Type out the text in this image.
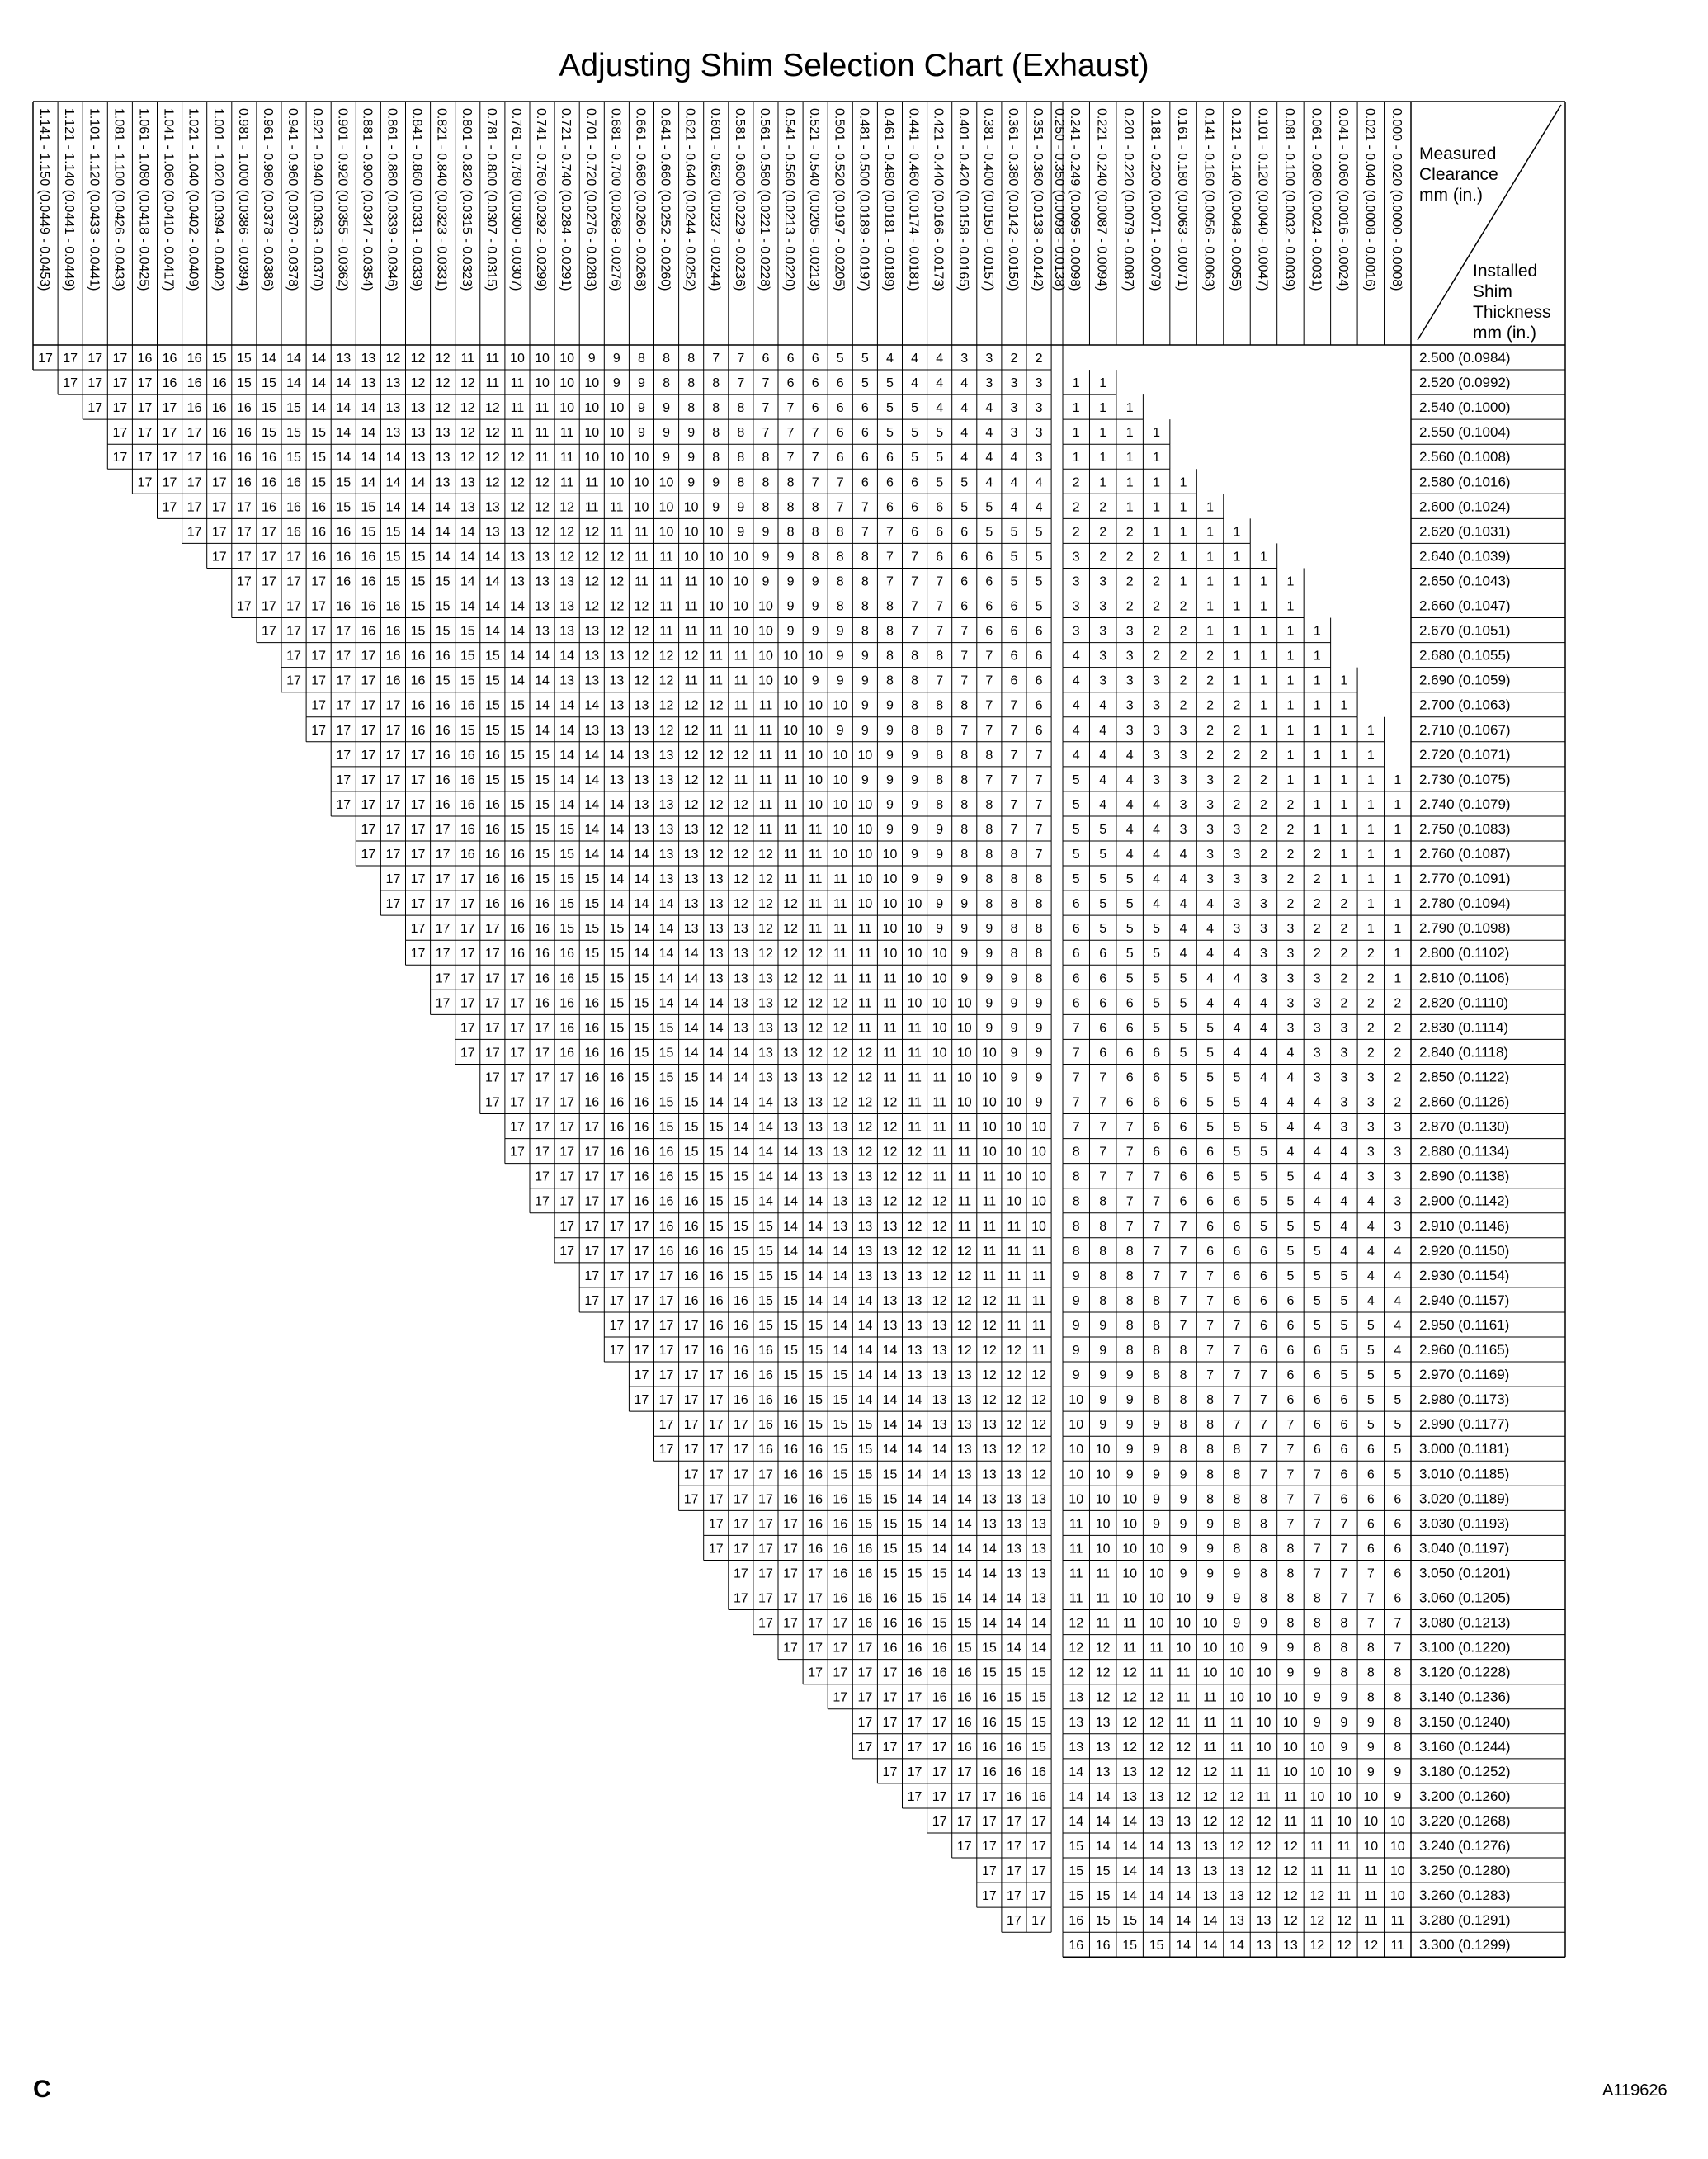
Adjusting Shim Selection Chart (Exhaust)
Measured
Clearance
mm (in.)
Installed
Shim
Thickness
mm (in.)
1.141 - 1.150 (0.0449 - 0.0453) 1.121 - 1.140 (0.0441 - 0.0449) 1.101 - 1.120 (0.0433 - 0.0441) 1.081 - 1.100 (0.0426 - 0.0433) 1.061 - 1.080 (0.0418 - 0.0425) 1.041 - 1.060 (0.0410 - 0.0417) 1.021 - 1.040 (0.0402 - 0.0409) 1.001 - 1.020 (0.0394 - 0.0402) 0.981 - 1.000 (0.0386 - 0.0394) 0.961 - 0.980 (0.0378 - 0.0386) 0.941 - 0.960 (0.0370 - 0.0378) 0.921 - 0.940 (0.0363 - 0.0370) 0.901 - 0.920 (0.0355 - 0.0362) 0.881 - 0.900 (0.0347 - 0.0354) 0.861 - 0.880 (0.0339 - 0.0346) 0.841 - 0.860 (0.0331 - 0.0339) 0.821 - 0.840 (0.0323 - 0.0331) 0.801 - 0.820 (0.0315 - 0.0323) 0.781 - 0.800 (0.0307 - 0.0315) 0.761 - 0.780 (0.0300 - 0.0307) 0.741 - 0.760 (0.0292 - 0.0299) 0.721 - 0.740 (0.0284 - 0.0291) 0.701 - 0.720 (0.0276 - 0.0283) 0.681 - 0.700 (0.0268 - 0.0276) 0.661 - 0.680 (0.0260 - 0.0268) 0.641 - 0.660 (0.0252 - 0.0260) 0.621 - 0.640 (0.0244 - 0.0252) 0.601 - 0.620 (0.0237 - 0.0244) 0.581 - 0.600 (0.0229 - 0.0236) 0.561 - 0.580 (0.0221 - 0.0228) 0.541 - 0.560 (0.0213 - 0.0220) 0.521 - 0.540 (0.0205 - 0.0213) 0.501 - 0.520 (0.0197 - 0.0205) 0.481 - 0.500 (0.0189 - 0.0197) 0.461 - 0.480 (0.0181 - 0.0189) 0.441 - 0.460 (0.0174 - 0.0181) 0.421 - 0.440 (0.0166 - 0.0173) 0.401 - 0.420 (0.0158 - 0.0165) 0.381 - 0.400 (0.0150 - 0.0157) 0.361 - 0.380 (0.0142 - 0.0150) 0.351 - 0.360 (0.0138 - 0.0142) 0.250 - 0.350 (0.0098 - 0.0138) 0.241 - 0.249 (0.0095 - 0.0098) 0.221 - 0.240 (0.0087 - 0.0094) 0.201 - 0.220 (0.0079 - 0.0087) 0.181 - 0.200 (0.0071 - 0.0079) 0.161 - 0.180 (0.0063 - 0.0071) 0.141 - 0.160 (0.0056 - 0.0063) 0.121 - 0.140 (0.0048 - 0.0055) 0.101 - 0.120 (0.0040 - 0.0047) 0.081 - 0.100 (0.0032 - 0.0039) 0.061 - 0.080 (0.0024 - 0.0031) 0.041 - 0.060 (0.0016 - 0.0024) 0.021 - 0.040 (0.0008 - 0.0016) 0.000 - 0.020 (0.0000 - 0.0008)
2.500 (0.0984)
17 17 17 17 16 16 16 15 15 14 14 14 13 13 12 12 12 11 11 10 10 10 9 9 8 8 8 7 7 6 6 6 5 5 4 4 4 3 3 2 2
2.520 (0.0992)
17 17 17 17 16 16 16 15 15 14 14 14 13 13 12 12 12 11 11 10 10 10 9 9 8 8 8 7 7 6 6 6 5 5 4 4 4 3 3 3 1 1
2.540 (0.1000)
17 17 17 17 16 16 16 15 15 14 14 14 13 13 12 12 12 11 11 10 10 10 9 9 8 8 8 7 7 6 6 6 5 5 4 4 4 3 3 1 1 1
2.550 (0.1004)
17 17 17 17 16 16 15 15 15 14 14 13 13 13 12 12 11 11 11 10 10 9 9 9 8 8 7 7 7 6 6 5 5 5 4 4 3 3 1 1 1 1
2.560 (0.1008)
17 17 17 17 16 16 16 15 15 14 14 14 13 13 12 12 12 11 11 10 10 10 9 9 8 8 8 7 7 6 6 6 5 5 4 4 4 3 1 1 1 1
2.580 (0.1016)
17 17 17 17 16 16 16 15 15 14 14 14 13 13 12 12 12 11 11 10 10 10 9 9 8 8 8 7 7 6 6 6 5 5 4 4 4 2 1 1 1 1
2.600 (0.1024)
17 17 17 17 16 16 16 15 15 14 14 14 13 13 12 12 12 11 11 10 10 10 9 9 8 8 8 7 7 6 6 6 5 5 4 4 2 2 1 1 1 1
2.620 (0.1031)
17 17 17 17 16 16 16 15 15 14 14 14 13 13 12 12 12 11 11 10 10 10 9 9 8 8 8 7 7 6 6 6 5 5 5 2 2 2 1 1 1 1
2.640 (0.1039)
17 17 17 17 16 16 16 15 15 14 14 14 13 13 12 12 12 11 11 10 10 10 9 9 8 8 8 7 7 6 6 6 5 5 3 2 2 2 1 1 1 1
2.650 (0.1043)
17 17 17 17 16 16 15 15 15 14 14 13 13 13 12 12 11 11 11 10 10 9 9 9 8 8 7 7 7 6 6 5 5 3 3 2 2 1 1 1 1 1
2.660 (0.1047)
17 17 17 17 16 16 16 15 15 14 14 14 13 13 12 12 12 11 11 10 10 10 9 9 8 8 8 7 7 6 6 6 5 3 3 2 2 2 1 1 1 1
2.670 (0.1051)
17 17 17 17 16 16 15 15 15 14 14 13 13 13 12 12 11 11 11 10 10 9 9 9 8 8 7 7 7 6 6 6 3 3 3 2 2 1 1 1 1 1
2.680 (0.1055)
17 17 17 17 16 16 16 15 15 14 14 14 13 13 12 12 12 11 11 10 10 10 9 9 8 8 8 7 7 6 6 4 3 3 2 2 2 1 1 1 1
2.690 (0.1059)
17 17 17 17 16 16 15 15 15 14 14 13 13 13 12 12 11 11 11 10 10 9 9 9 8 8 7 7 7 6 6 4 3 3 3 2 2 1 1 1 1 1
2.700 (0.1063)
17 17 17 17 16 16 16 15 15 14 14 14 13 13 12 12 12 11 11 10 10 10 9 9 8 8 8 7 7 6 4 4 3 3 2 2 2 1 1 1 1
2.710 (0.1067)
17 17 17 17 16 16 15 15 15 14 14 13 13 13 12 12 11 11 11 10 10 9 9 9 8 8 7 7 7 6 4 4 3 3 3 2 2 1 1 1 1 1
2.720 (0.1071)
17 17 17 17 16 16 16 15 15 14 14 14 13 13 12 12 12 11 11 10 10 10 9 9 8 8 8 7 7 4 4 4 3 3 2 2 2 1 1 1 1
2.730 (0.1075)
17 17 17 17 16 16 15 15 15 14 14 13 13 13 12 12 11 11 11 10 10 9 9 9 8 8 7 7 7 5 4 4 3 3 3 2 2 1 1 1 1 1
2.740 (0.1079)
17 17 17 17 16 16 16 15 15 14 14 14 13 13 12 12 12 11 11 10 10 10 9 9 8 8 8 7 7 5 4 4 4 3 3 2 2 2 1 1 1 1
2.750 (0.1083)
17 17 17 17 16 16 15 15 15 14 14 13 13 13 12 12 11 11 11 10 10 9 9 9 8 8 7 7 5 5 4 4 3 3 3 2 2 1 1 1 1
2.760 (0.1087)
17 17 17 17 16 16 16 15 15 14 14 14 13 13 12 12 12 11 11 10 10 10 9 9 8 8 8 7 5 5 4 4 4 3 3 2 2 2 1 1 1
2.770 (0.1091)
17 17 17 17 16 16 15 15 15 14 14 13 13 13 12 12 11 11 11 10 10 9 9 9 8 8 8 5 5 5 4 4 3 3 3 2 2 1 1 1
2.780 (0.1094)
17 17 17 17 16 16 16 15 15 14 14 14 13 13 12 12 12 11 11 10 10 10 9 9 8 8 8 6 5 5 4 4 4 3 3 2 2 2 1 1
2.790 (0.1098)
17 17 17 17 16 16 15 15 15 14 14 13 13 13 12 12 11 11 11 10 10 9 9 9 8 8 6 5 5 5 4 4 3 3 3 2 2 1 1
2.800 (0.1102)
17 17 17 17 16 16 16 15 15 14 14 14 13 13 12 12 12 11 11 10 10 10 9 9 8 8 6 6 5 5 4 4 4 3 3 2 2 2 1
2.810 (0.1106)
17 17 17 17 16 16 15 15 15 14 14 13 13 13 12 12 11 11 11 10 10 9 9 9 8 6 6 5 5 5 4 4 3 3 3 2 2 1
2.820 (0.1110)
17 17 17 17 16 16 16 15 15 14 14 14 13 13 12 12 12 11 11 10 10 10 9 9 9 6 6 6 5 5 4 4 4 3 3 2 2 2
2.830 (0.1114)
17 17 17 17 16 16 15 15 15 14 14 13 13 13 12 12 11 11 11 10 10 9 9 9 7 6 6 5 5 5 4 4 3 3 3 2 2
2.840 (0.1118)
17 17 17 17 16 16 16 15 15 14 14 14 13 13 12 12 12 11 11 10 10 10 9 9 7 6 6 6 5 5 4 4 4 3 3 2 2
2.850 (0.1122)
17 17 17 17 16 16 15 15 15 14 14 13 13 13 12 12 11 11 11 10 10 9 9 7 7 6 6 5 5 5 4 4 3 3 3 2
2.860 (0.1126)
17 17 17 17 16 16 16 15 15 14 14 14 13 13 12 12 12 11 11 10 10 10 9 7 7 6 6 6 5 5 4 4 4 3 3 2
2.870 (0.1130)
17 17 17 17 16 16 15 15 15 14 14 13 13 13 12 12 11 11 11 10 10 10 7 7 7 6 6 5 5 5 4 4 3 3 3
2.880 (0.1134)
17 17 17 17 16 16 16 15 15 14 14 14 13 13 12 12 12 11 11 10 10 10 8 7 7 6 6 6 5 5 4 4 4 3 3
2.890 (0.1138)
17 17 17 17 16 16 15 15 15 14 14 13 13 13 12 12 11 11 11 10 10 8 7 7 7 6 6 5 5 5 4 4 3 3
2.900 (0.1142)
17 17 17 17 16 16 16 15 15 14 14 14 13 13 12 12 12 11 11 10 10 8 8 7 7 6 6 6 5 5 4 4 4 3
2.910 (0.1146)
17 17 17 17 16 16 15 15 15 14 14 13 13 13 12 12 11 11 11 10 8 8 7 7 7 6 6 5 5 5 4 4 3
2.920 (0.1150)
17 17 17 17 16 16 16 15 15 14 14 14 13 13 12 12 12 11 11 11 8 8 8 7 7 6 6 6 5 5 4 4 4
2.930 (0.1154)
17 17 17 17 16 16 15 15 15 14 14 13 13 13 12 12 11 11 11 9 8 8 7 7 7 6 6 5 5 5 4 4
2.940 (0.1157)
17 17 17 17 16 16 16 15 15 14 14 14 13 13 12 12 12 11 11 9 8 8 8 7 7 6 6 6 5 5 4 4
2.950 (0.1161)
17 17 17 17 16 16 15 15 15 14 14 13 13 13 12 12 11 11 9 9 8 8 7 7 7 6 6 5 5 5 4
2.960 (0.1165)
17 17 17 17 16 16 16 15 15 14 14 14 13 13 12 12 12 11 9 9 8 8 8 7 7 6 6 6 5 5 4
2.970 (0.1169)
17 17 17 17 16 16 15 15 15 14 14 13 13 13 12 12 12 9 9 9 8 8 7 7 7 6 6 5 5 5
2.980 (0.1173)
17 17 17 17 16 16 16 15 15 14 14 14 13 13 12 12 12 10 9 9 8 8 8 7 7 6 6 6 5 5
2.990 (0.1177)
17 17 17 17 16 16 15 15 15 14 14 13 13 13 12 12 10 9 9 9 8 8 7 7 7 6 6 5 5
3.000 (0.1181)
17 17 17 17 16 16 16 15 15 14 14 14 13 13 12 12 10 10 9 9 8 8 8 7 7 6 6 6 5
3.010 (0.1185)
17 17 17 17 16 16 15 15 15 14 14 13 13 13 12 10 10 9 9 9 8 8 7 7 7 6 6 5
3.020 (0.1189)
17 17 17 17 16 16 16 15 15 14 14 14 13 13 13 10 10 10 9 9 8 8 8 7 7 6 6 6
3.030 (0.1193)
17 17 17 17 16 16 15 15 15 14 14 13 13 13 11 10 10 9 9 9 8 8 7 7 7 6 6
3.040 (0.1197)
17 17 17 17 16 16 16 15 15 14 14 14 13 13 11 10 10 10 9 9 8 8 8 7 7 6 6
3.050 (0.1201)
17 17 17 17 16 16 15 15 15 14 14 13 13 11 11 10 10 9 9 9 8 8 7 7 7 6
3.060 (0.1205)
17 17 17 17 16 16 16 15 15 14 14 14 13 11 11 10 10 10 9 9 8 8 8 7 7 6
3.080 (0.1213)
17 17 17 17 16 16 16 15 15 14 14 14 12 11 11 10 10 10 9 9 8 8 8 7 7
3.100 (0.1220)
17 17 17 17 16 16 16 15 15 14 14 12 12 11 11 10 10 10 9 9 8 8 8 7
3.120 (0.1228)
17 17 17 17 16 16 16 15 15 15 12 12 12 11 11 10 10 10 9 9 8 8 8
3.140 (0.1236)
17 17 17 17 16 16 16 15 15 13 12 12 12 11 11 10 10 10 9 9 8 8
3.150 (0.1240)
17 17 17 17 16 16 15 15 13 13 12 12 11 11 11 10 10 9 9 9 8
3.160 (0.1244)
17 17 17 17 16 16 16 15 13 13 12 12 12 11 11 10 10 10 9 9 8
3.180 (0.1252)
17 17 17 17 16 16 16 14 13 13 12 12 12 11 11 10 10 10 9 9
3.200 (0.1260)
17 17 17 17 16 16 14 14 13 13 12 12 12 11 11 10 10 10 9
3.220 (0.1268)
17 17 17 17 17 14 14 14 13 13 12 12 12 11 11 10 10 10
3.240 (0.1276)
17 17 17 17 15 14 14 14 13 13 12 12 12 11 11 10 10
3.250 (0.1280)
17 17 17 15 15 14 14 13 13 13 12 12 11 11 11 10
3.260 (0.1283)
17 17 17 15 15 14 14 14 13 13 12 12 12 11 11 10
3.280 (0.1291)
17 17 16 15 15 14 14 14 13 13 12 12 12 11 11
3.300 (0.1299)
16 16 15 15 14 14 14 13 13 12 12 12 11
C	A119626
